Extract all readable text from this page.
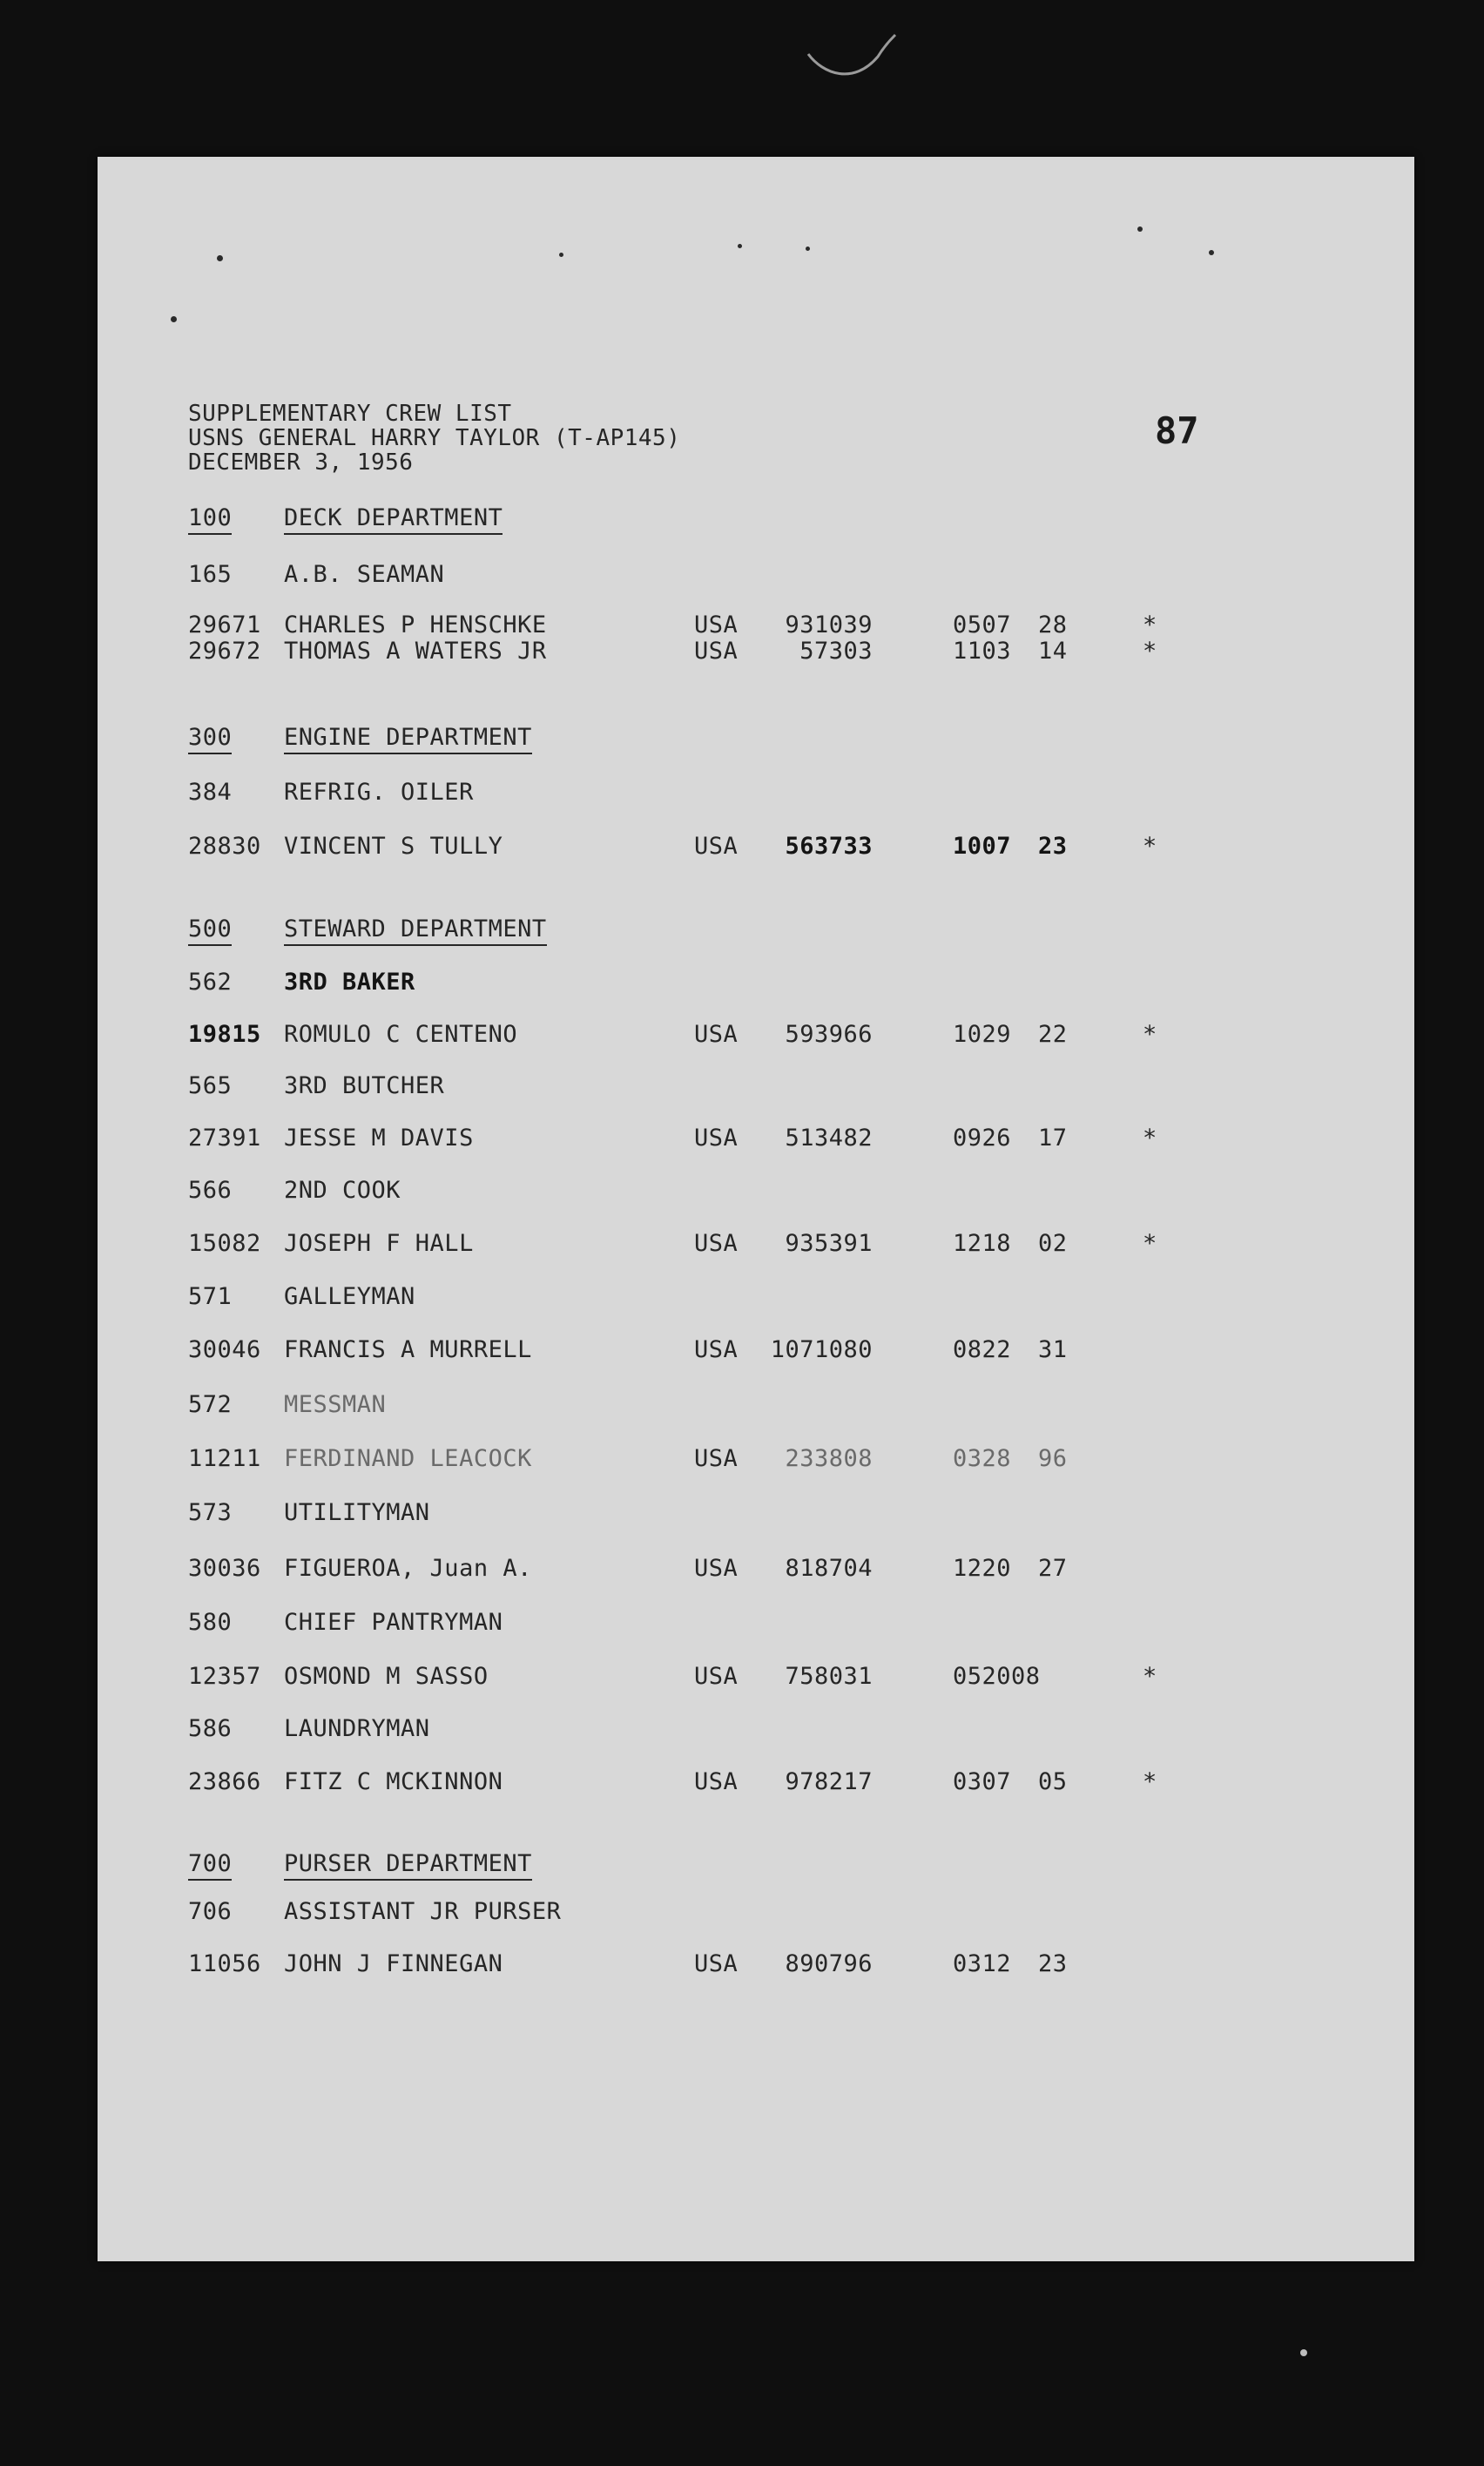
SUPPLEMENTARY CREW LIST
USNS GENERAL HARRY TAYLOR (T-AP145)
DECEMBER 3, 1956
87
100 DECK DEPARTMENT
165 A.B. SEAMAN
29671 CHARLES P HENSCHKE	USA	931039	0507 28	*
29672 THOMAS A WATERS JR	USA	57303	1103 14	*
300 ENGINE DEPARTMENT
384 REFRIG. OILER
28830 VINCENT S TULLY	USA	563733	1007 23	*
500 STEWARD DEPARTMENT
562 3RD BAKER
19815 ROMULO C CENTENO	USA	593966	1029 22	*
565 3RD BUTCHER
27391 JESSE M DAVIS	USA	513482	0926 17	*
566 2ND COOK
15082 JOSEPH F HALL	USA	935391	1218 02	*
571 GALLEYMAN
30046 FRANCIS A MURRELL	USA	1071080	0822 31
572 MESSMAN
11211 FERDINAND LEACOCK	USA	233808	0328 96
573 UTILITYMAN
30036 FIGUEROA, Juan A.	USA	818704	1220 27
580 CHIEF PANTRYMAN
12357 OSMOND M SASSO	USA	758031	052008	*
586 LAUNDRYMAN
23866 FITZ C MCKINNON	USA	978217	0307 05	*
700 PURSER DEPARTMENT
706 ASSISTANT JR PURSER
11056 JOHN J FINNEGAN	USA	890796	0312 23
